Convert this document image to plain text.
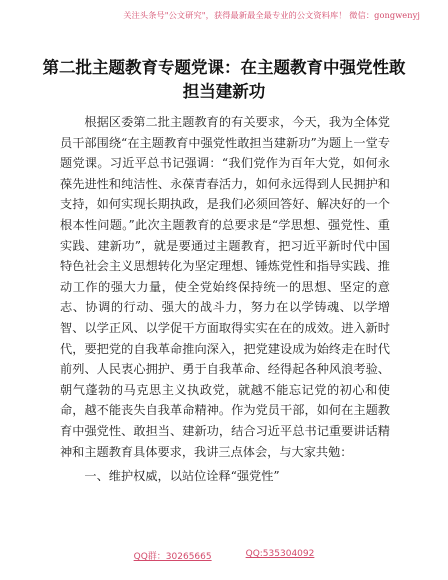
关注头条号"公文研究"，获得最新最全最专业的公文资料库！ 微信：gongwenyj
第二批主题教育专题党课：在主题教育中强党性敢担当建新功

根据区委第二批主题教育的有关要求，今天，我为全体党员干部围绕“在主题教育中强党性敢担当建新功”为题上一堂专题党课。习近平总书记强调：“我们党作为百年大党，如何永葆先进性和纯洁性、永葆青春活力，如何永远得到人民拥护和支持，如何实现长期执政，是我们必须回答好、解决好的一个根本性问题。”此次主题教育的总要求是“学思想、强党性、重实践、建新功”，就是要通过主题教育，把习近平新时代中国特色社会主义思想转化为坚定理想、锤炼党性和指导实践、推动工作的强大力量，使全党始终保持统一的思想、坚定的意志、协调的行动、强大的战斗力，努力在以学铸魂、以学增智、以学正风、以学促干方面取得实实在在的成效。进入新时代，要把党的自我革命推向深入，把党建设成为始终走在时代前列、人民衷心拥护、勇于自我革命、经得起各种风浪考验、朝气蓬勃的马克思主义执政党，就越不能忘记党的初心和使命，越不能丧失自我革命精神。作为党员干部，如何在主题教育中强党性、敢担当、建新功，结合习近平总书记重要讲话精神和主题教育具体要求，我讲三点体会，与大家共勉：

一、维护权威，以站位诠释“强党性”

QQ群：30265665	QQ:535304092
